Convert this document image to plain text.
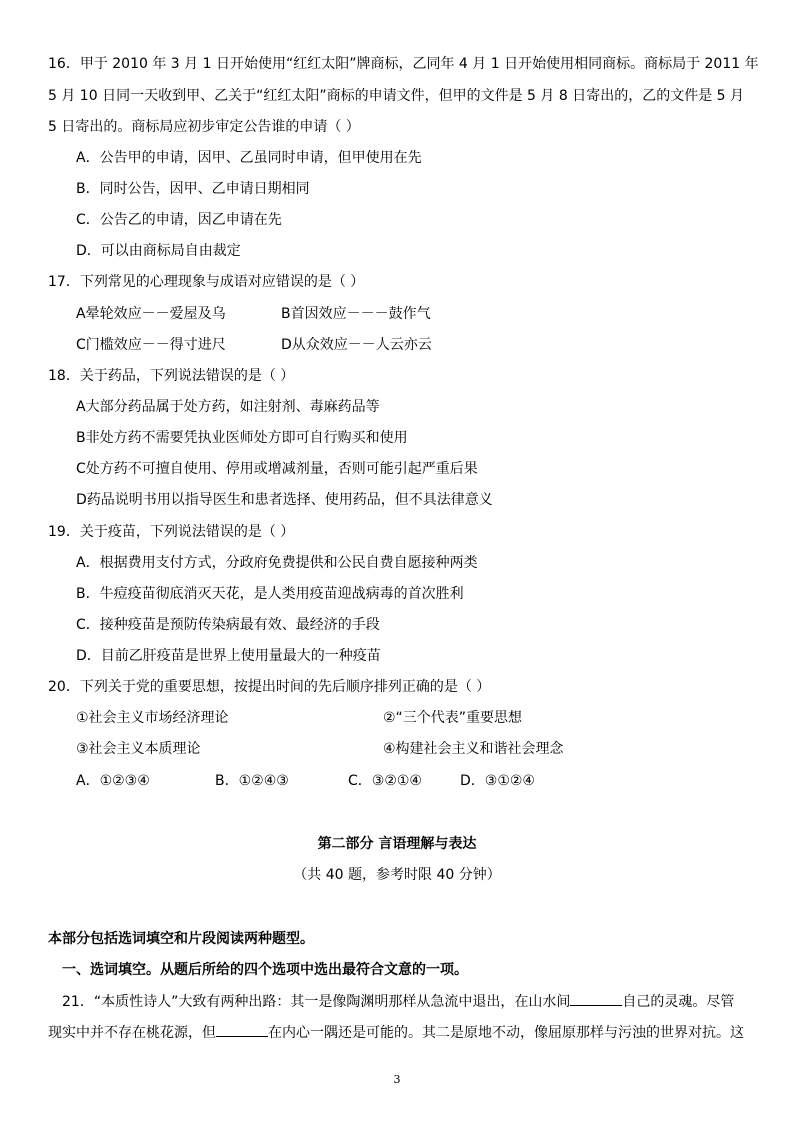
16．甲于 2010 年 3 月 1 日开始使用“红红太阳”牌商标，乙同年 4 月 1 日开始使用相同商标。商标局于 2011 年
5 月 10 日同一天收到甲、乙关于“红红太阳”商标的申请文件，但甲的文件是 5 月 8 日寄出的，乙的文件是 5 月
5 日寄出的。商标局应初步审定公告谁的申请（ ）
A．公告甲的申请，因甲、乙虽同时申请，但甲使用在先
B．同时公告，因甲、乙申请日期相同
C．公告乙的申请，因乙申请在先
D．可以由商标局自由裁定
17．下列常见的心理现象与成语对应错误的是（ ）
A晕轮效应－－爱屋及乌	B首因效应－－－鼓作气
C门槛效应－－得寸进尺	D从众效应－－人云亦云
18．关于药品，下列说法错误的是（ ）
A大部分药品属于处方药，如注射剂、毒麻药品等
B非处方药不需要凭执业医师处方即可自行购买和使用
C处方药不可擅自使用、停用或增减剂量，否则可能引起严重后果
D药品说明书用以指导医生和患者选择、使用药品，但不具法律意义
19．关于疫苗，下列说法错误的是（ ）
A．根据费用支付方式，分政府免费提供和公民自费自愿接种两类
B．牛痘疫苗彻底消灭天花，是人类用疫苗迎战病毒的首次胜利
C．接种疫苗是预防传染病最有效、最经济的手段
D．目前乙肝疫苗是世界上使用量最大的一种疫苗
20．下列关于党的重要思想，按提出时间的先后顺序排列正确的是（ ）
①社会主义市场经济理论	②“三个代表”重要思想
③社会主义本质理论	④构建社会主义和谐社会理念
A．①②③④	B．①②④③	C．③②①④	D．③①②④
第二部分 言语理解与表达
（共 40 题，参考时限 40 分钟）
本部分包括选词填空和片段阅读两种题型。
一、选词填空。从题后所给的四个选项中选出最符合文意的一项。
21．“本质性诗人”大致有两种出路：其一是像陶渊明那样从急流中退出，在山水间	自己的灵魂。尽管
现实中并不存在桃花源，但	在内心一隅还是可能的。其二是原地不动，像屈原那样与污浊的世界对抗。这
3
